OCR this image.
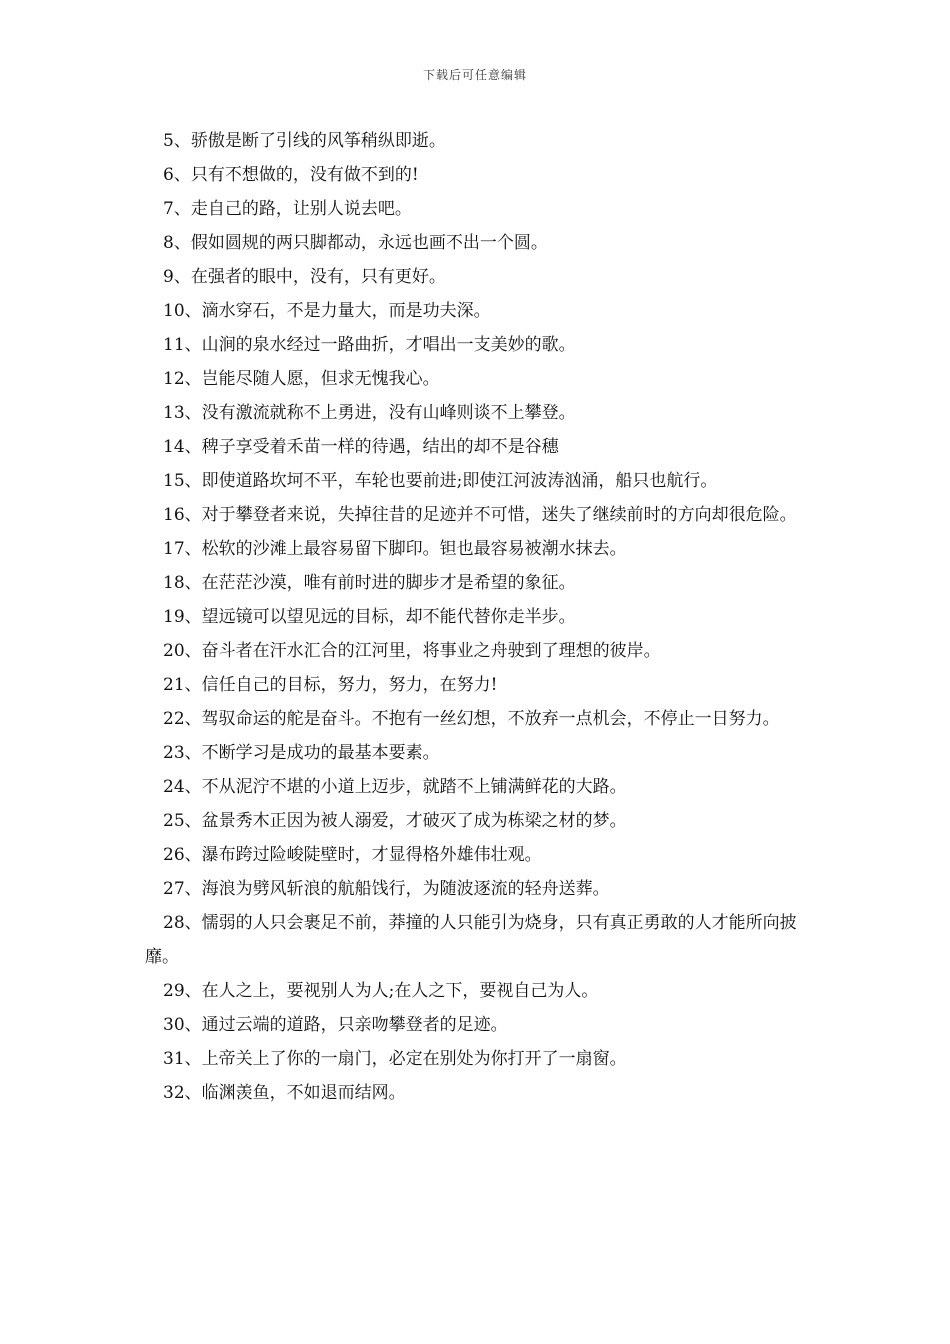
下载后可任意编辑

5、骄傲是断了引线的风筝稍纵即逝。

6、只有不想做的，没有做不到的!

7、走自己的路，让别人说去吧。

8、假如圆规的两只脚都动，永远也画不出一个圆。

9、在强者的眼中，没有，只有更好。

10、滴水穿石，不是力量大，而是功夫深。

11、山涧的泉水经过一路曲折，才唱出一支美妙的歌。

12、岂能尽随人愿，但求无愧我心。

13、没有激流就称不上勇进，没有山峰则谈不上攀登。

14、稗子享受着禾苗一样的待遇，结出的却不是谷穗

15、即使道路坎坷不平，车轮也要前进;即使江河波涛汹涌，船只也航行。

16、对于攀登者来说，失掉往昔的足迹并不可惜，迷失了继续前时的方向却很危险。

17、松软的沙滩上最容易留下脚印。钽也最容易被潮水抹去。

18、在茫茫沙漠，唯有前时进的脚步才是希望的象征。

19、望远镜可以望见远的目标，却不能代替你走半步。

20、奋斗者在汗水汇合的江河里，将事业之舟驶到了理想的彼岸。

21、信任自己的目标，努力，努力，在努力!

22、驾驭命运的舵是奋斗。不抱有一丝幻想，不放弃一点机会，不停止一日努力。

23、不断学习是成功的最基本要素。

24、不从泥泞不堪的小道上迈步，就踏不上铺满鲜花的大路。

25、盆景秀木正因为被人溺爱，才破灭了成为栋梁之材的梦。

26、瀑布跨过险峻陡壁时，才显得格外雄伟壮观。

27、海浪为劈风斩浪的航船饯行，为随波逐流的轻舟送葬。

28、懦弱的人只会裹足不前，莽撞的人只能引为烧身，只有真正勇敢的人才能所向披靡。

29、在人之上，要视别人为人;在人之下，要视自己为人。

30、通过云端的道路，只亲吻攀登者的足迹。

31、上帝关上了你的一扇门，必定在别处为你打开了一扇窗。

32、临渊羡鱼，不如退而结网。
